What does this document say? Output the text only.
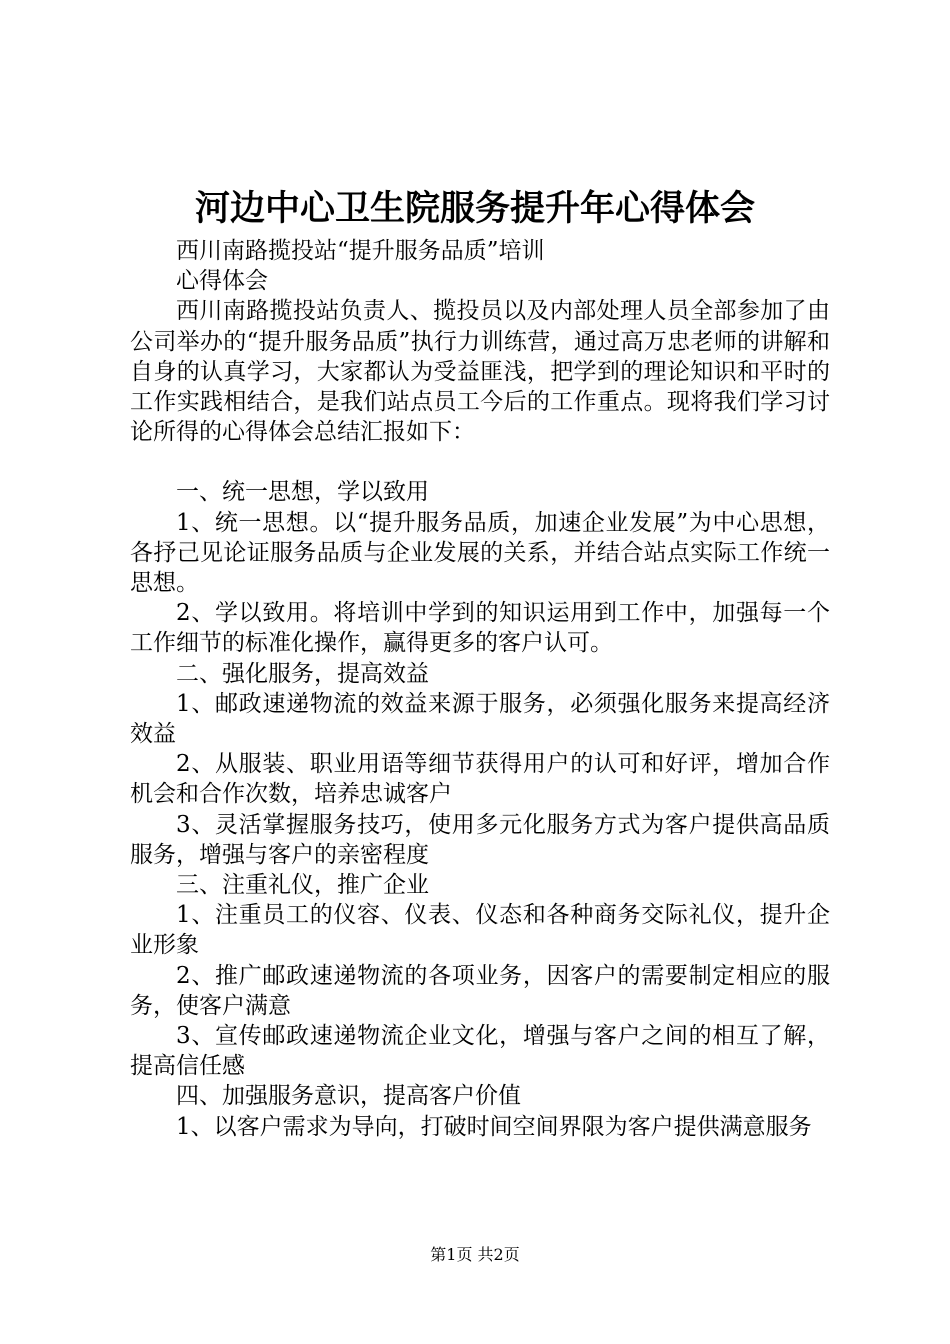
河边中心卫生院服务提升年心得体会

西川南路揽投站“提升服务品质”培训

心得体会

西川南路揽投站负责人、揽投员以及内部处理人员全部参加了由公司举办的“提升服务品质”执行力训练营，通过高万忠老师的讲解和自身的认真学习，大家都认为受益匪浅，把学到的理论知识和平时的工作实践相结合，是我们站点员工今后的工作重点。现将我们学习讨论所得的心得体会总结汇报如下：

一、统一思想，学以致用

1、统一思想。以“提升服务品质，加速企业发展”为中心思想，各抒己见论证服务品质与企业发展的关系，并结合站点实际工作统一思想。

2、学以致用。将培训中学到的知识运用到工作中，加强每一个工作细节的标准化操作，赢得更多的客户认可。

二、强化服务，提高效益

1、邮政速递物流的效益来源于服务，必须强化服务来提高经济效益

2、从服装、职业用语等细节获得用户的认可和好评，增加合作机会和合作次数，培养忠诚客户

3、灵活掌握服务技巧，使用多元化服务方式为客户提供高品质服务，增强与客户的亲密程度

三、注重礼仪，推广企业

1、注重员工的仪容、仪表、仪态和各种商务交际礼仪，提升企业形象

2、推广邮政速递物流的各项业务，因客户的需要制定相应的服务，使客户满意

3、宣传邮政速递物流企业文化，增强与客户之间的相互了解，提高信任感

四、加强服务意识，提高客户价值

1、以客户需求为导向，打破时间空间界限为客户提供满意服务

第1页 共2页
